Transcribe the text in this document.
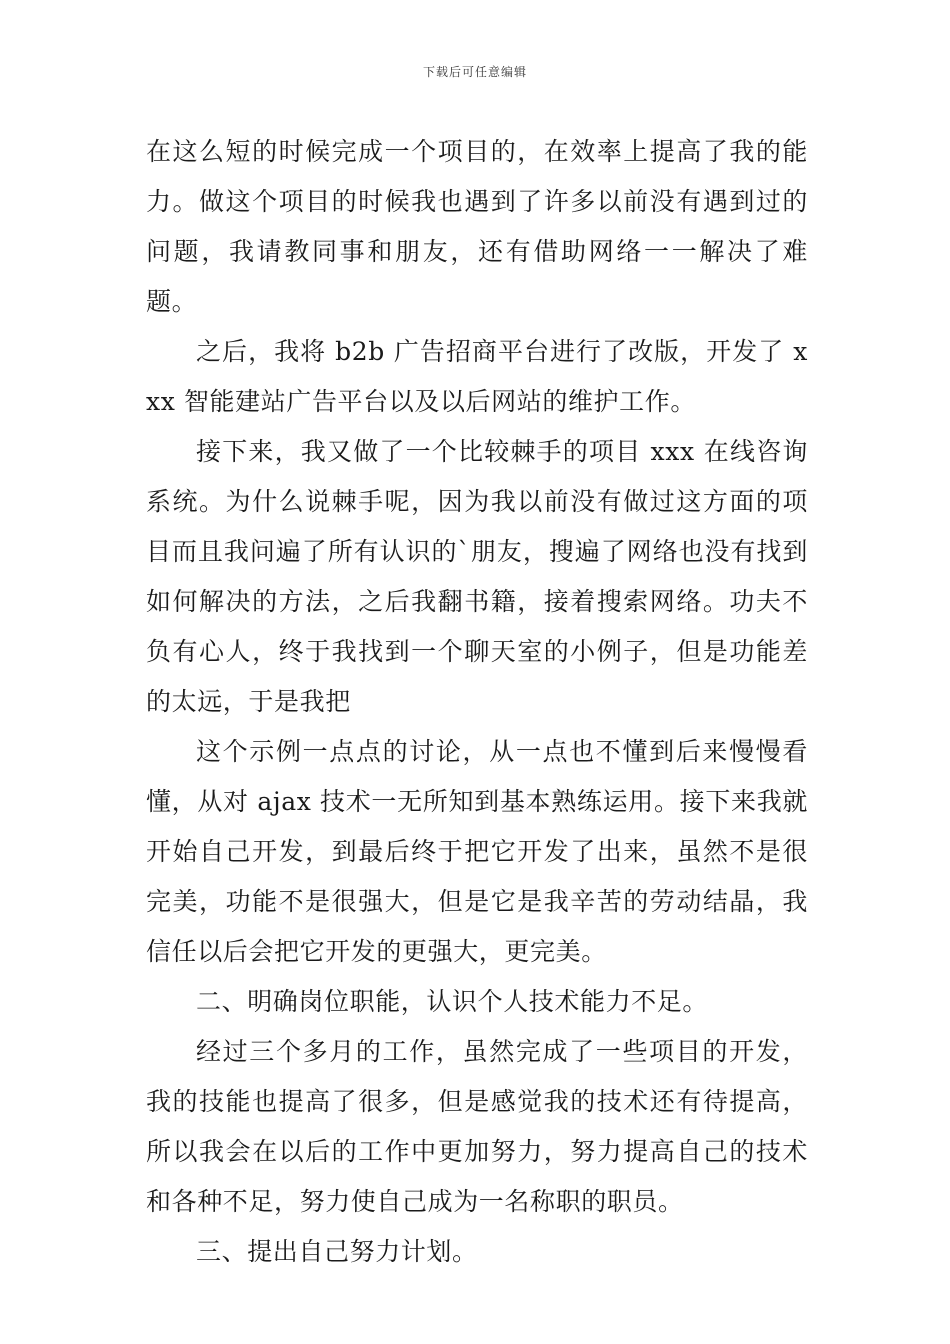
下载后可任意编辑

在这么短的时候完成一个项目的，在效率上提高了我的能力。做这个项目的时候我也遇到了许多以前没有遇到过的问题，我请教同事和朋友，还有借助网络一一解决了难题。

之后，我将 b2b 广告招商平台进行了改版，开发了 xxx 智能建站广告平台以及以后网站的维护工作。

接下来，我又做了一个比较棘手的项目 xxx 在线咨询系统。为什么说棘手呢，因为我以前没有做过这方面的项目而且我问遍了所有认识的`朋友，搜遍了网络也没有找到如何解决的方法，之后我翻书籍，接着搜索网络。功夫不负有心人，终于我找到一个聊天室的小例子，但是功能差的太远，于是我把

这个示例一点点的讨论，从一点也不懂到后来慢慢看懂，从对 ajax 技术一无所知到基本熟练运用。接下来我就开始自己开发，到最后终于把它开发了出来，虽然不是很完美，功能不是很强大，但是它是我辛苦的劳动结晶，我信任以后会把它开发的更强大，更完美。

二、明确岗位职能，认识个人技术能力不足。

经过三个多月的工作，虽然完成了一些项目的开发，我的技能也提高了很多，但是感觉我的技术还有待提高，所以我会在以后的工作中更加努力，努力提高自己的技术和各种不足，努力使自己成为一名称职的职员。

三、提出自己努力计划。
